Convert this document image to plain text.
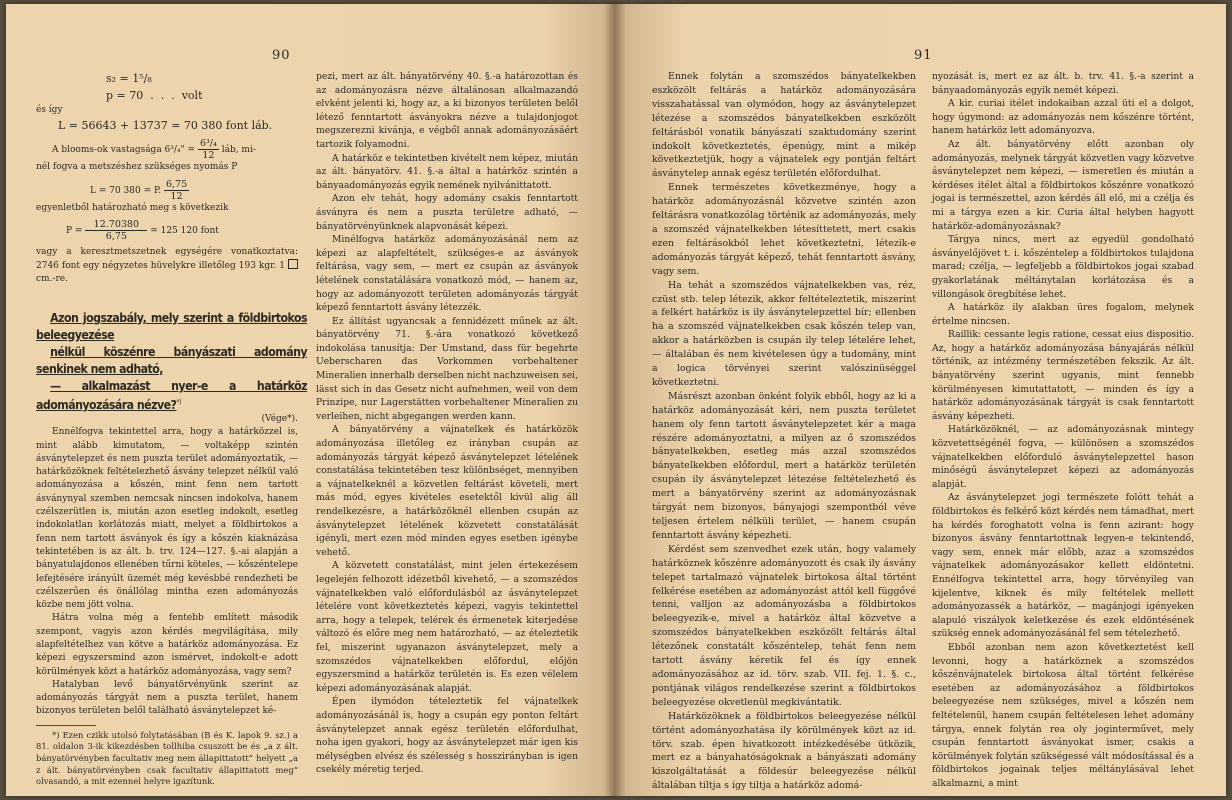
90

s₂ = 1⁵/₈

p = 70  .  .  .  volt

és így

L = 56643 + 13737 = 70 380 font láb.

A blooms-ok vastagsága 6³/₄" = $\frac{\text{6³/₄}}{12}$ láb, mi-

nél fogva a metszéshez szükséges nyomás P

L = 70 380 = P. $\frac{6,75}{12}$

egyenletből határozható meg s következik

$P = \frac{12.70380}{6,75} = 125$ 120 font

vagy a keresztmetszetnek egységére vonatkoztatva: 2746 font egy négyzetes hüvelykre illetőleg 193 kgr. 1  cm.-re.

Azon jogszabály, mely szerint a földbirtokos beleegyezése

nélkül köszénre bányászati adomány senkinek nem adható,

— alkalmazást nyer-e a határköz adományozására nézve?*)

(Vége*).

Ennélfogva tekintettel arra, hogy a határközzel is, mint alább kimutatom, — voltaképp szintén ásványtelepzet és nem puszta terület adományoztatik, — határközöknek feltételezhető ásvány telepzet nélkül való adományozása a kőszén, mint fenn nem tartott ásványnyal szemben nemcsak nincsen indokolva, hanem czélszerütlen is, miután azon esetleg indokolt, esetleg indokolatlan korlátozás miatt, melyet a földbirtokos a fenn nem tartott ásványok és így a kőszén kiaknázása tekintetében is az ált. b. trv. 124—127. §.-ai alapján a bányatulajdonos ellenében tűrni köteles, — kőszéntelepe lefejtésére irányúlt üzemét még kevésbbé rendezheti be czélszerűen és önállólag mintha ezen adományozás közbe nem jött volna.

Hátra volna még a fentebb említett második szempont, vagyis azon kérdés megvilágítása, mily alapfeltételhez van kötve a határköz adományozása. Ez képezi egyszersmind azon ismérvet, indokolt-e adott körülmények közt a határköz adományozása, vagy sem?

Hatalyban levő bányatörvényünk szerint az adományozás tárgyát nem a puszta terület, hanem bizonyos területen belől található ásványtelepzet ké-

*) Ezen czikk utolsó folytatásában (B és K. lapok 9. sz.) a 81. oldalon 3-ik kikezdésben tollhiba csuszott be és „a z ált. bányatörvényben facultativ meg nem állapittatott“ helyett „a z ált. bányatörvényben csak facultativ állapittatott meg“ olvasandó, a mit ezennel helyre igazítunk.

pezi, mert az ált. bányatörvény 40. §.-a határozottan és az adományozásra nézve általánosan alkalmazandó elvként jelenti ki, hogy az, a ki bizonyos területen belől létező fenntartott ásványokra nézve a tulajdonjogot megszerezni kivánja, e végből annak adományozásáért tartozik folyamodni.

A határköz e tekintetben kivételt nem képez, miután az ált. bányatörv. 41. §.-a által a határköz szintén a bányaadományozás egyik nemének nyilvánittatott.

Azon elv tehát, hogy adomány csakis fenntartott ásványra és nem a puszta területre adható, — bányatörvényünknek alapvonását képezi.

Minélfogva határköz adományozásánál nem az képezi az alapfeltételt, szükséges-e az ásványok feltárása, vagy sem, — mert ez csupán az ásványok lételének constatálására vonatkozó mód, — hanem az, hogy az adományozott területen adományozás tárgyát képező fenntartott ásvány létezzék.

Ez állítást ugyancsak a fennidézett műnek az ált. bányatörvény 71. §.-ára vonatkozó következő indokolása tanusítja: Der Umstand, dass für begehrte Ueberscharen das Vorkommen vorbehaltener Mineralien innerhalb derselben nicht nachzuweisen sei, lässt sich in das Gesetz nicht aufnehmen, weil von dem Prinzipe, nur Lagerstätten vorbehaltener Mineralien zu verleihen, nicht abgegangen werden kann.

A bányatörvény a vájnatelkek és határközök adományozása illetőleg ez irányban csupán az adományozás tárgyát képező ásványtelepzet lételének constatálása tekintetében tesz különbséget, mennyiben a vájnatelkeknél a közvetlen feltárást követeli, mert más mód, egyes kivételes esetektől kivül alig áll rendelkezésre, a határközöknél ellenben csupán az ásványtelepzet lételének közvetett constatálását igényli, mert ezen mód minden egyes esetben igénybe vehető.

A közvetett constatálást, mint jelen értekezésem legelején felhozott idézetből kivehető, — a szomszédos vájnatelkekben való előfordulásból az ásványtelepzet lételére vont következtetés képezi, vagyis tekintettel arra, hogy a telepek, telérek és érmenetek kiterjedése változó és előre meg nem határozható, — az ételeztetik fel, miszerint ugyanazon ásványtelepzet, mely a szomszédos vájnatelkekben előfordul, előjön egyszersmind a határköz területén is. Es ezen vélelem képezi adományozásának alapját.

Épen ilymódon tételeztetik fel vájnatelkek adományozásánál is, hogy a csupán egy ponton feltárt ásványtelepzet annak egész területén előfordulhat, noha igen gyakori, hogy az ásványtelepzet már igen kis mélységben elvész és szélesség s hosszirányban is igen csekély méretig terjed.

91

Ennek folytán a szomszédos bányatelkekben eszközölt feltárás a határköz adományozására visszahatással van olymódon, hogy az ásványtelepzet létezése a szomszédos bányatelkekben eszközölt feltárásból vonatik bányászati szaktudomány szerint indokolt következtetés, épenúgy, mint a mikép következtetjük, hogy a vájnatelek egy pontján feltárt ásványtelep annak egész területén előfordulhat.

Ennek természetes következménye, hogy a határköz adományozásnál közvetve szintén azon feltárásra vonatkozólag történik az adományozás, mely a szomszéd vájnatelkekben létesíttetett, mert csakis ezen feltárásokból lehet következtetni, létezik-e adományozás tárgyát képező, tehát fenntartott ásvány, vagy sem.

Ha tehát a szomszédos vájnatelkekben vas, réz, czüst stb. telep létezik, akkor feltételeztetik, miszerint a felkért határköz is ily ásványtelepzettel bír; ellenben ha a szomszéd vájnatelkekben csak kőszén telep van, akkor a határközben is csupán ily telep lételére lehet, — általában és nem kivételesen úgy a tudomány, mint a logica törvényei szerint valószinüséggel következtetni.

Másrészt azonban önként folyik ebből, hogy az ki a határköz adományozását kéri, nem puszta területet hanem oly fenn tartott ásványtelepzetet kér a maga részére adományoztatni, a milyen az ő szomszédos bányatelkekben, esetleg más azzal szomszédos bányatelkekben előfordul, mert a határköz területén csupán ily ásványtelepzet létezése feltételezhető és mert a bányatörvény szerint az adományozásnak tárgyát nem bizonyos, bányajogi szempontból véve teljesen értelem nélküli terület, — hanem csupán fenntartott ásvány képezheti.

Kérdést sem szenvedhet ezek után, hogy valamely határköznek kőszénre adományozott és csak ily ásvány telepet tartalmazó vájnatelek birtokosa által történt felkérése esetében az adományozást attól kell függővé tenni, valljon az adományozásba a földbirtokos beleegyezik-e, mivel a határköz által közvetve a szomszédos bányatelkekben eszközölt feltárás által létezőnek constatált kőszéntelep, tehát fenn nem tartott ásvány kéretik fel és így ennek adományozásához az id. törv. szab. VII. fej. 1. §. c., pontjának világos rendelkezése szerint a földbirtokos beleegyezése okvetlenül megkivántatik.

Határközöknek a földbirtokos beleegyezése nélkül történt adományozhatása ily körülmények közt az id. törv. szab. épen hivatkozott intézkedésébe ütközik, mert ez a bányahatóságoknak a bányászati adomány kiszolgáltatását a földesúr beleegyezése nélkül általában tiltja s így tiltja a határköz adomá-

nyozását is, mert ez az ált. b. trv. 41. §.-a szerint a bányaadományozás egyik nemét képezi.

A kir. curiai itélet indokaiban azzal üti el a dolgot, hogy úgymond: az adományozás nem kőszénre történt, hanem határköz lett adományozva.

Az ált. bányatörvény előtt azonban oly adományozás, melynek tárgyát közvetlen vagy közvetve ásványtelepzet nem képezi, — ismeretlen és miután a kérdéses itélet által a földbirtokos kőszénre vonatkozó jogai is természettel, azon kérdés áll elő, mi a czélja és mi a tárgya ezen a kir. Curia által helyben hagyott határköz-adományozásnak?

Tárgya nincs, mert az egyedül gondolható ásványelőjövet t. i. kőszéntelep a földbirtokos tulajdona marad; czélja, — legfeljebb a földbirtokos jogai szabad gyakorlatának méltánytalan korlátozása és a villongások öregbítése lehet.

A határköz ily alakban üres fogalom, melynek értelme nincsen.

Raillik: cessante legis ratione, cessat eius dispositio. Az, hogy a határköz adományozása bányajárás nélkül történik, az intézmény természetében fekszik. Az ált. bányatörvény szerint ugyanis, mint fennebb körülményesen kimutattatott, — minden és így a határköz adományozásának tárgyát is csak fenntartott ásvány képezheti.

Határközöknél, — az adományozásnak mintegy közvetettségénél fogva, — különösen a szomszédos vájnatelkekben előforduló ásványtelepzettel hason minőségű ásványtelepzet képezi az adományozás alapját.

Az ásványtelepzet jogi természete folótt tehát a földbirtokos és felkérő közt kérdés nem támadhat, mert ha kérdés foroghatott volna is fenn azirant: hogy bizonyos ásvány fenntartottnak legyen-e tekintendő, vagy sem, ennek már előbb, azaz a szomszédos vájnatelkek adományozásakor kellett eldöntetni. Ennélfogva tekintettel arra, hogy törvényileg van kijelentve, kiknek és mily feltételek mellett adományozassék a határköz, — magánjogi igényeken alapuló viszályok keletkezése és ezek eldöntésének szükség ennek adományozásánál fel sem tételezhető.

Ebből azonban nem azon következtetést kell levonni, hogy a határköznek a szomszédos kőszénvájnatelek birtokosa által történt felkérése esetében az adományozásához a földbirtokos beleegyezése nem szükséges, mivel a kőszén nem feltételenül, hanem csupán feltételesen lehet adomány tárgya, ennek folytán rea oly joginterművet, mely csupán fenntartott ásványokat ismer, csakis a körülmények folytán szükségessé vált módosítással és a földbirtokos jogainak teljes méltánylásával lehet alkalmazni, a mint
